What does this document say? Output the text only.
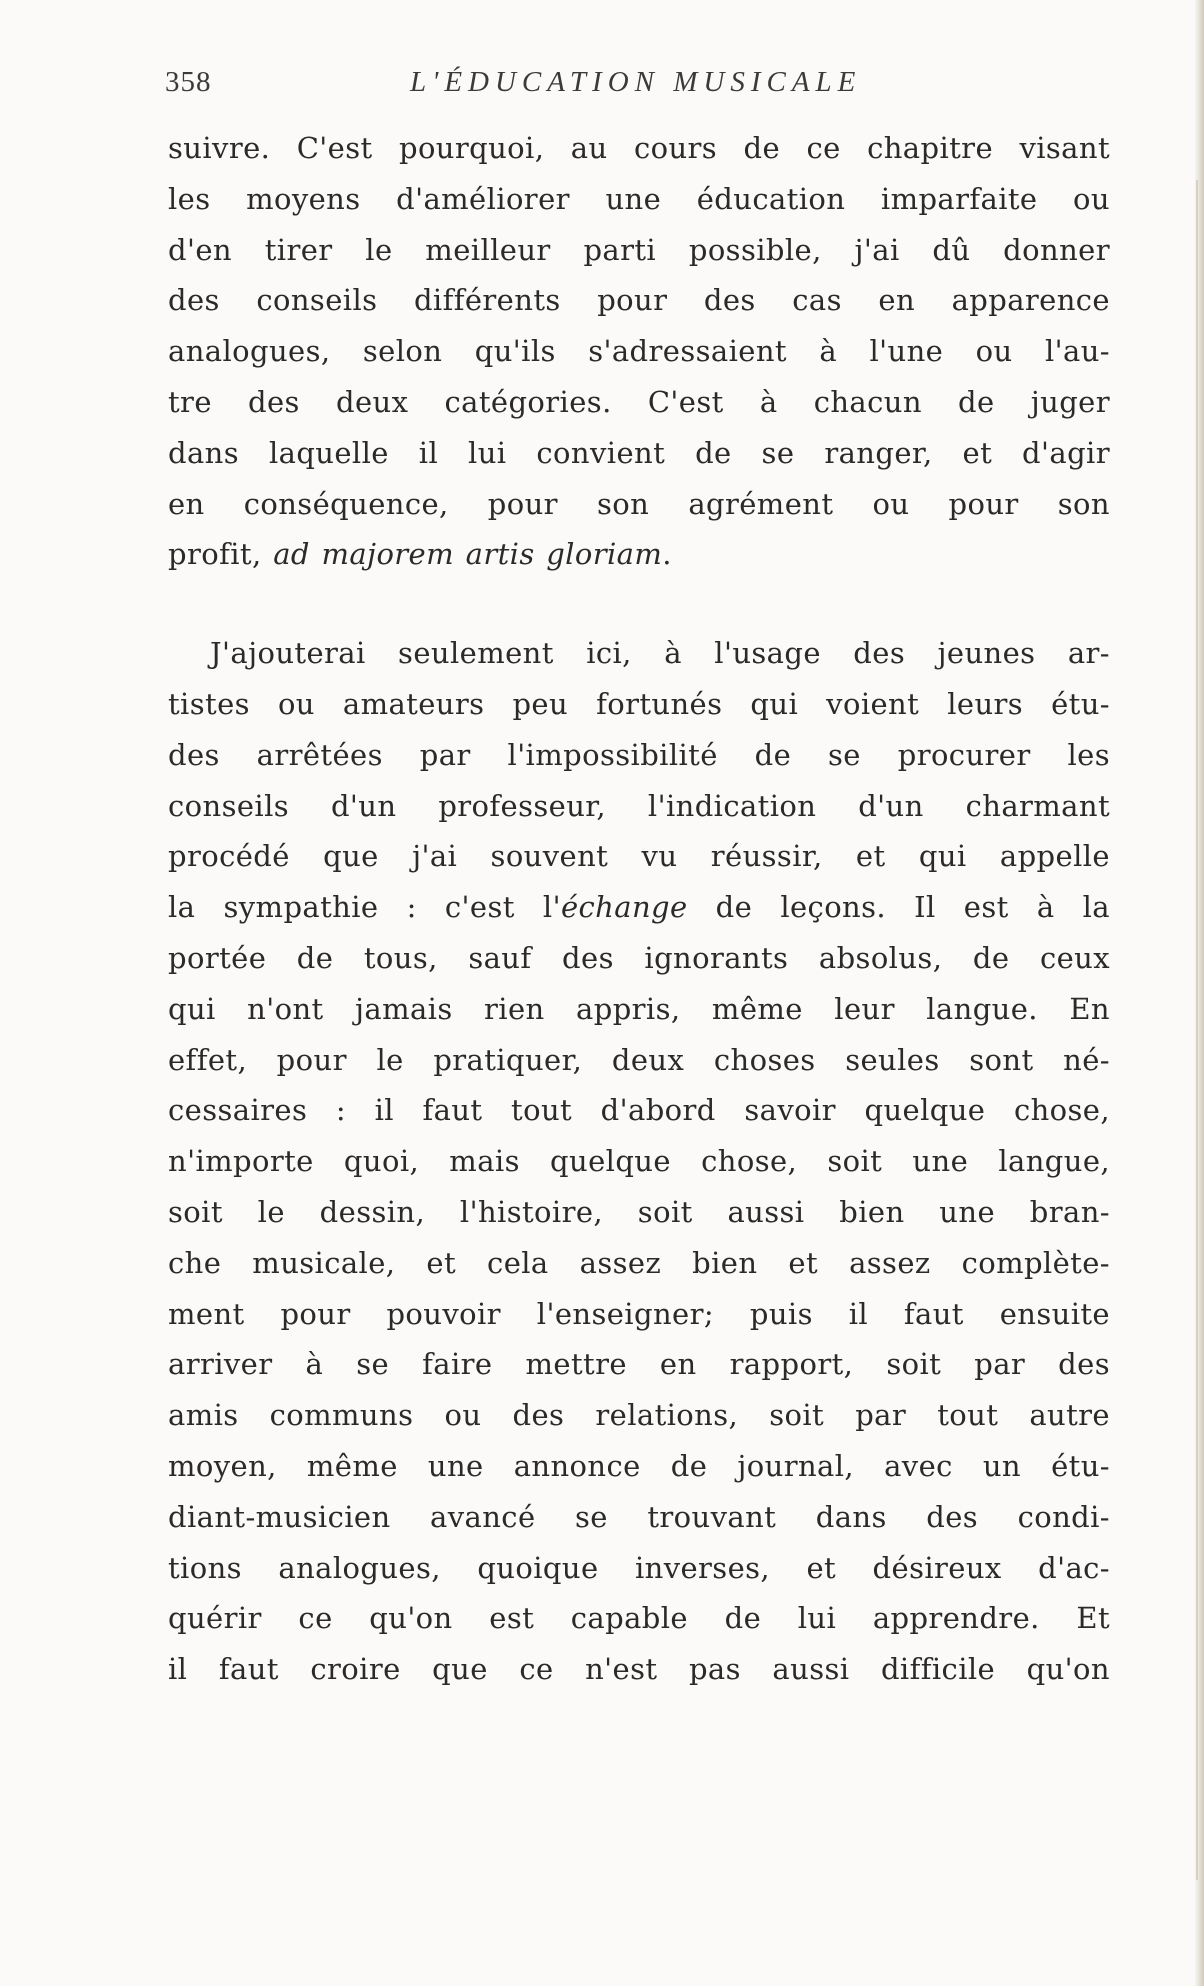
358	L'ÉDUCATION MUSICALE
suivre. C'est pourquoi, au cours de ce chapitre visant
les moyens d'améliorer une éducation imparfaite ou
d'en tirer le meilleur parti possible, j'ai dû donner
des conseils différents pour des cas en apparence
analogues, selon qu'ils s'adressaient à l'une ou l'au-
tre des deux catégories. C'est à chacun de juger
dans laquelle il lui convient de se ranger, et d'agir
en conséquence, pour son agrément ou pour son
profit, ad majorem artis gloriam.
J'ajouterai seulement ici, à l'usage des jeunes ar-
tistes ou amateurs peu fortunés qui voient leurs étu-
des arrêtées par l'impossibilité de se procurer les
conseils d'un professeur, l'indication d'un charmant
procédé que j'ai souvent vu réussir, et qui appelle
la sympathie : c'est l'échange de leçons. Il est à la
portée de tous, sauf des ignorants absolus, de ceux
qui n'ont jamais rien appris, même leur langue. En
effet, pour le pratiquer, deux choses seules sont né-
cessaires : il faut tout d'abord savoir quelque chose,
n'importe quoi, mais quelque chose, soit une langue,
soit le dessin, l'histoire, soit aussi bien une bran-
che musicale, et cela assez bien et assez complète-
ment pour pouvoir l'enseigner; puis il faut ensuite
arriver à se faire mettre en rapport, soit par des
amis communs ou des relations, soit par tout autre
moyen, même une annonce de journal, avec un étu-
diant-musicien avancé se trouvant dans des condi-
tions analogues, quoique inverses, et désireux d'ac-
quérir ce qu'on est capable de lui apprendre. Et
il faut croire que ce n'est pas aussi difficile qu'on
